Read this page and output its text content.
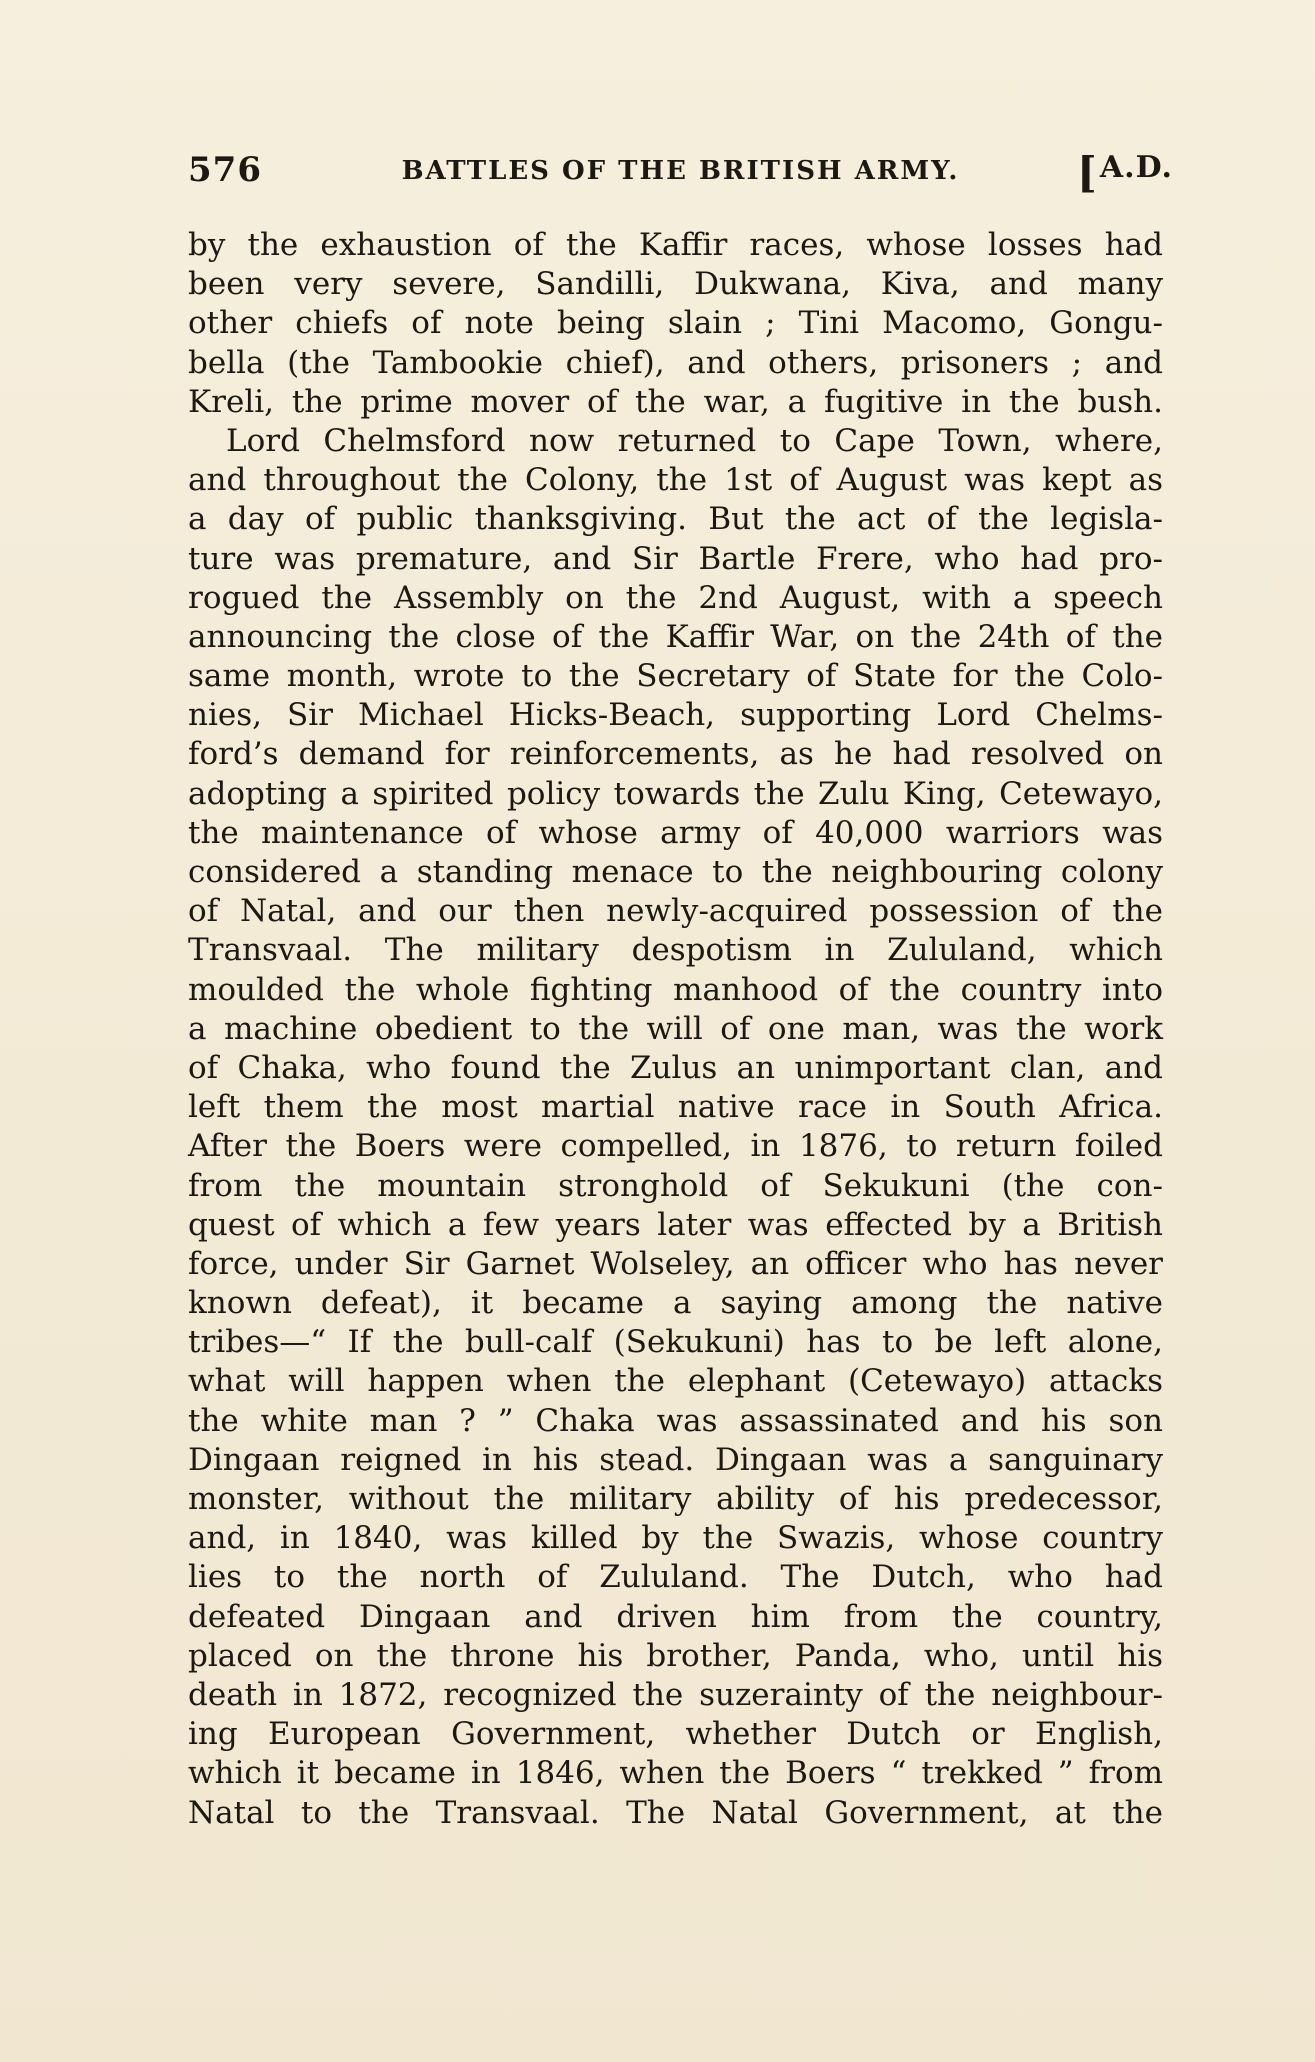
576	BATTLES OF THE BRITISH ARMY.	[A.D.
by the exhaustion of the Kaffir races, whose losses had
been very severe, Sandilli, Dukwana, Kiva, and many
other chiefs of note being slain ; Tini Macomo, Gongu-
bella (the Tambookie chief), and others, prisoners ; and
Kreli, the prime mover of the war, a fugitive in the bush.
Lord Chelmsford now returned to Cape Town, where,
and throughout the Colony, the 1st of August was kept as
a day of public thanksgiving. But the act of the legisla-
ture was premature, and Sir Bartle Frere, who had pro-
rogued the Assembly on the 2nd August, with a speech
announcing the close of the Kaffir War, on the 24th of the
same month, wrote to the Secretary of State for the Colo-
nies, Sir Michael Hicks-Beach, supporting Lord Chelms-
ford’s demand for reinforcements, as he had resolved on
adopting a spirited policy towards the Zulu King, Cetewayo,
the maintenance of whose army of 40,000 warriors was
considered a standing menace to the neighbouring colony
of Natal, and our then newly-acquired possession of the
Transvaal. The military despotism in Zululand, which
moulded the whole fighting manhood of the country into
a machine obedient to the will of one man, was the work
of Chaka, who found the Zulus an unimportant clan, and
left them the most martial native race in South Africa.
After the Boers were compelled, in 1876, to return foiled
from the mountain stronghold of Sekukuni (the con-
quest of which a few years later was effected by a British
force, under Sir Garnet Wolseley, an officer who has never
known defeat), it became a saying among the native
tribes—“ If the bull-calf (Sekukuni) has to be left alone,
what will happen when the elephant (Cetewayo) attacks
the white man ? ” Chaka was assassinated and his son
Dingaan reigned in his stead. Dingaan was a sanguinary
monster, without the military ability of his predecessor,
and, in 1840, was killed by the Swazis, whose country
lies to the north of Zululand. The Dutch, who had
defeated Dingaan and driven him from the country,
placed on the throne his brother, Panda, who, until his
death in 1872, recognized the suzerainty of the neighbour-
ing European Government, whether Dutch or English,
which it became in 1846, when the Boers “ trekked ” from
Natal to the Transvaal. The Natal Government, at the
